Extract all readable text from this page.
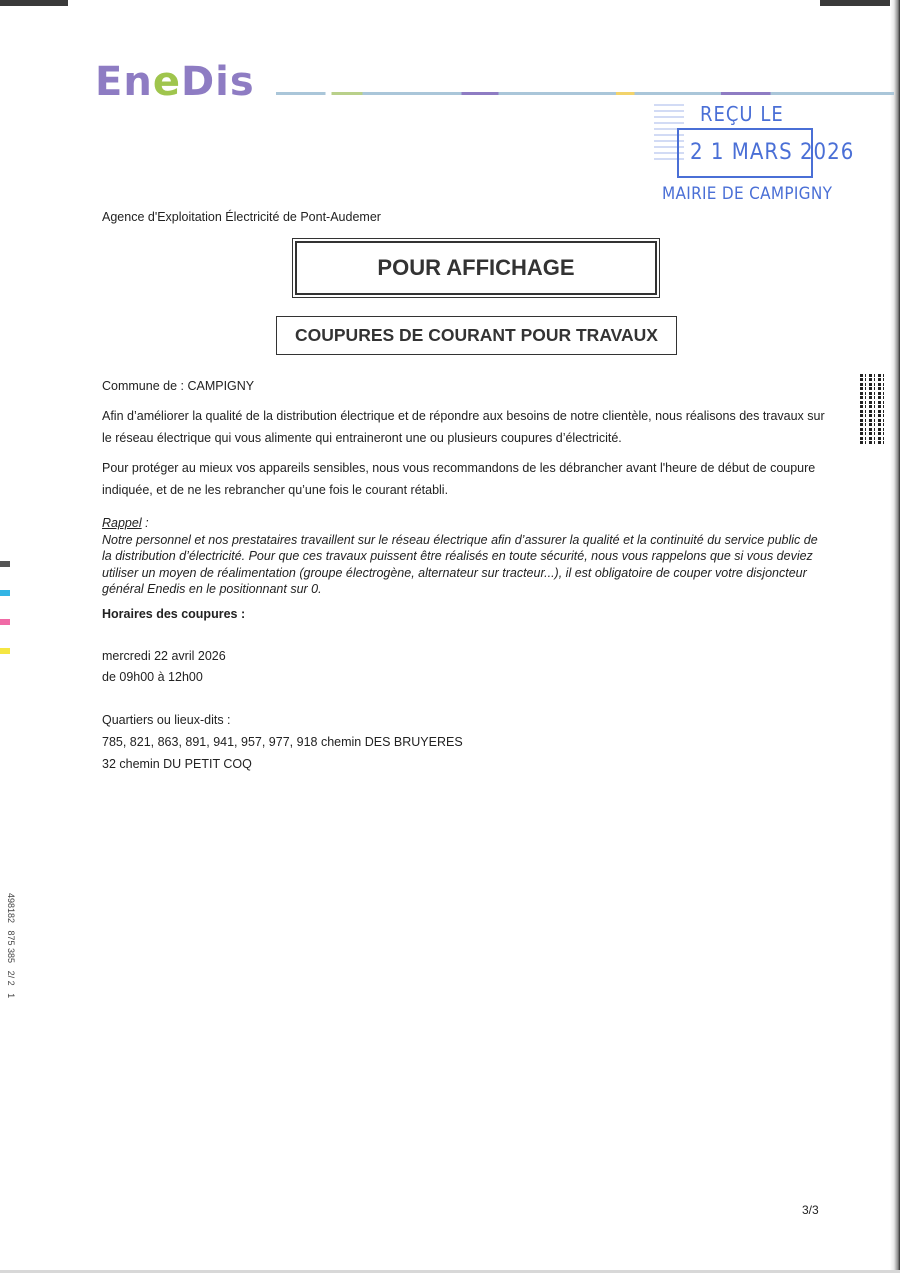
EneDis
REÇU LE
2 1 MARS 2026
MAIRIE DE CAMPIGNY
Agence d'Exploitation Électricité de Pont-Audemer
POUR AFFICHAGE
COUPURES DE COURANT POUR TRAVAUX
Commune de : CAMPIGNY
Afin d’améliorer la qualité de la distribution électrique et de répondre aux besoins de notre clientèle, nous réalisons des travaux sur le réseau électrique qui vous alimente qui entraineront une ou plusieurs coupures d’électricité.
Pour protéger au mieux vos appareils sensibles, nous vous recommandons de les débrancher avant l'heure de début de coupure indiquée, et de ne les rebrancher qu’une fois le courant rétabli.
Rappel :
Notre personnel et nos prestataires travaillent sur le réseau électrique afin d’assurer la qualité et la continuité du service public de la distribution d’électricité. Pour que ces travaux puissent être réalisés en toute sécurité, nous vous rappelons que si vous deviez utiliser un moyen de réalimentation (groupe électrogène, alternateur sur tracteur...), il est obligatoire de couper votre disjoncteur général Enedis en le positionnant sur 0.
Horaires des coupures :
mercredi 22 avril 2026
de 09h00 à 12h00
Quartiers ou lieux-dits :
785, 821, 863, 891, 941, 957, 977, 918 chemin DES BRUYERES
32 chemin DU PETIT COQ
498182   875 385   2/ 2   1
3/3
